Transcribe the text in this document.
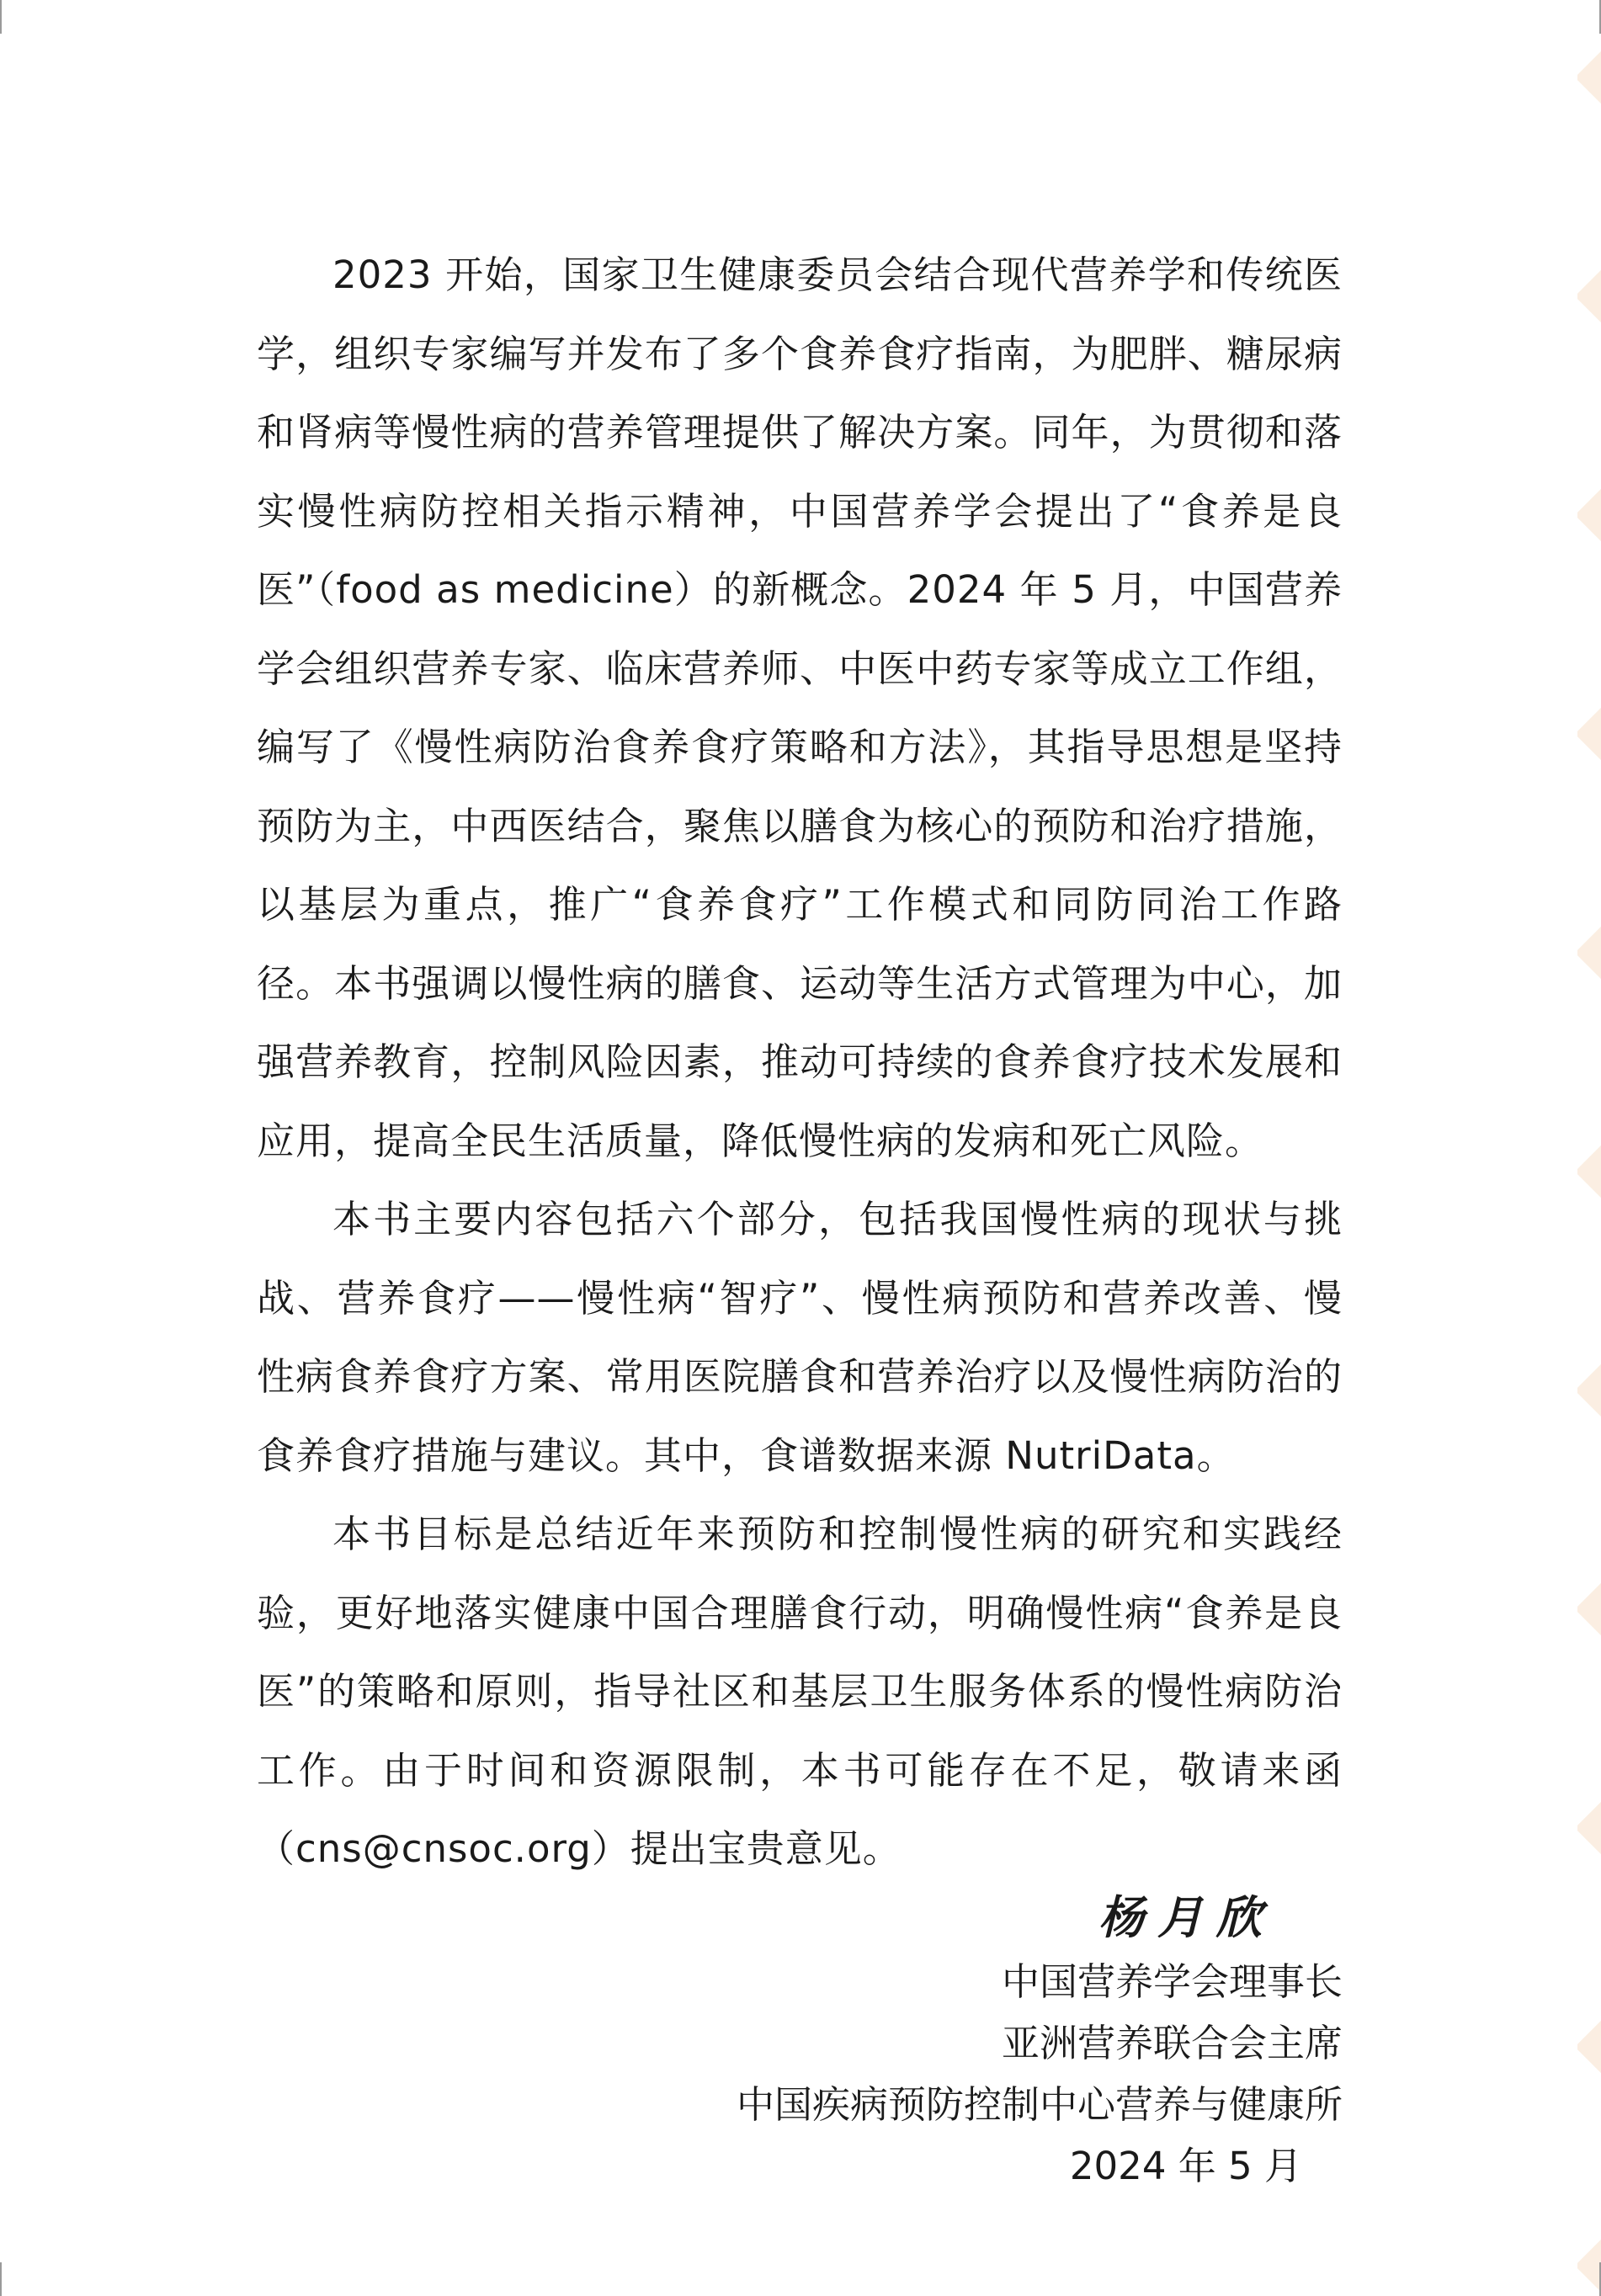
2023 开始，国家卫生健康委员会结合现代营养学和传统医学，组织专家编写并发布了多个食养食疗指南，为肥胖、糖尿病和肾病等慢性病的营养管理提供了解决方案。同年，为贯彻和落实慢性病防控相关指示精神，中国营养学会提出了“食养是良医”（food as medicine）的新概念。2024 年 5 月，中国营养学会组织营养专家、临床营养师、中医中药专家等成立工作组，编写了《慢性病防治食养食疗策略和方法》，其指导思想是坚持预防为主，中西医结合，聚焦以膳食为核心的预防和治疗措施，以基层为重点，推广“食养食疗”工作模式和同防同治工作路径。本书强调以慢性病的膳食、运动等生活方式管理为中心，加强营养教育，控制风险因素，推动可持续的食养食疗技术发展和应用，提高全民生活质量，降低慢性病的发病和死亡风险。

本书主要内容包括六个部分，包括我国慢性病的现状与挑战、营养食疗——慢性病“智疗”、慢性病预防和营养改善、慢性病食养食疗方案、常用医院膳食和营养治疗以及慢性病防治的食养食疗措施与建议。其中，食谱数据来源 NutriData。

本书目标是总结近年来预防和控制慢性病的研究和实践经验，更好地落实健康中国合理膳食行动，明确慢性病“食养是良医”的策略和原则，指导社区和基层卫生服务体系的慢性病防治工作。由于时间和资源限制，本书可能存在不足，敬请来函（cns@cnsoc.org）提出宝贵意见。

杨月欣
中国营养学会理事长
亚洲营养联合会主席
中国疾病预防控制中心营养与健康所
2024 年 5 月
